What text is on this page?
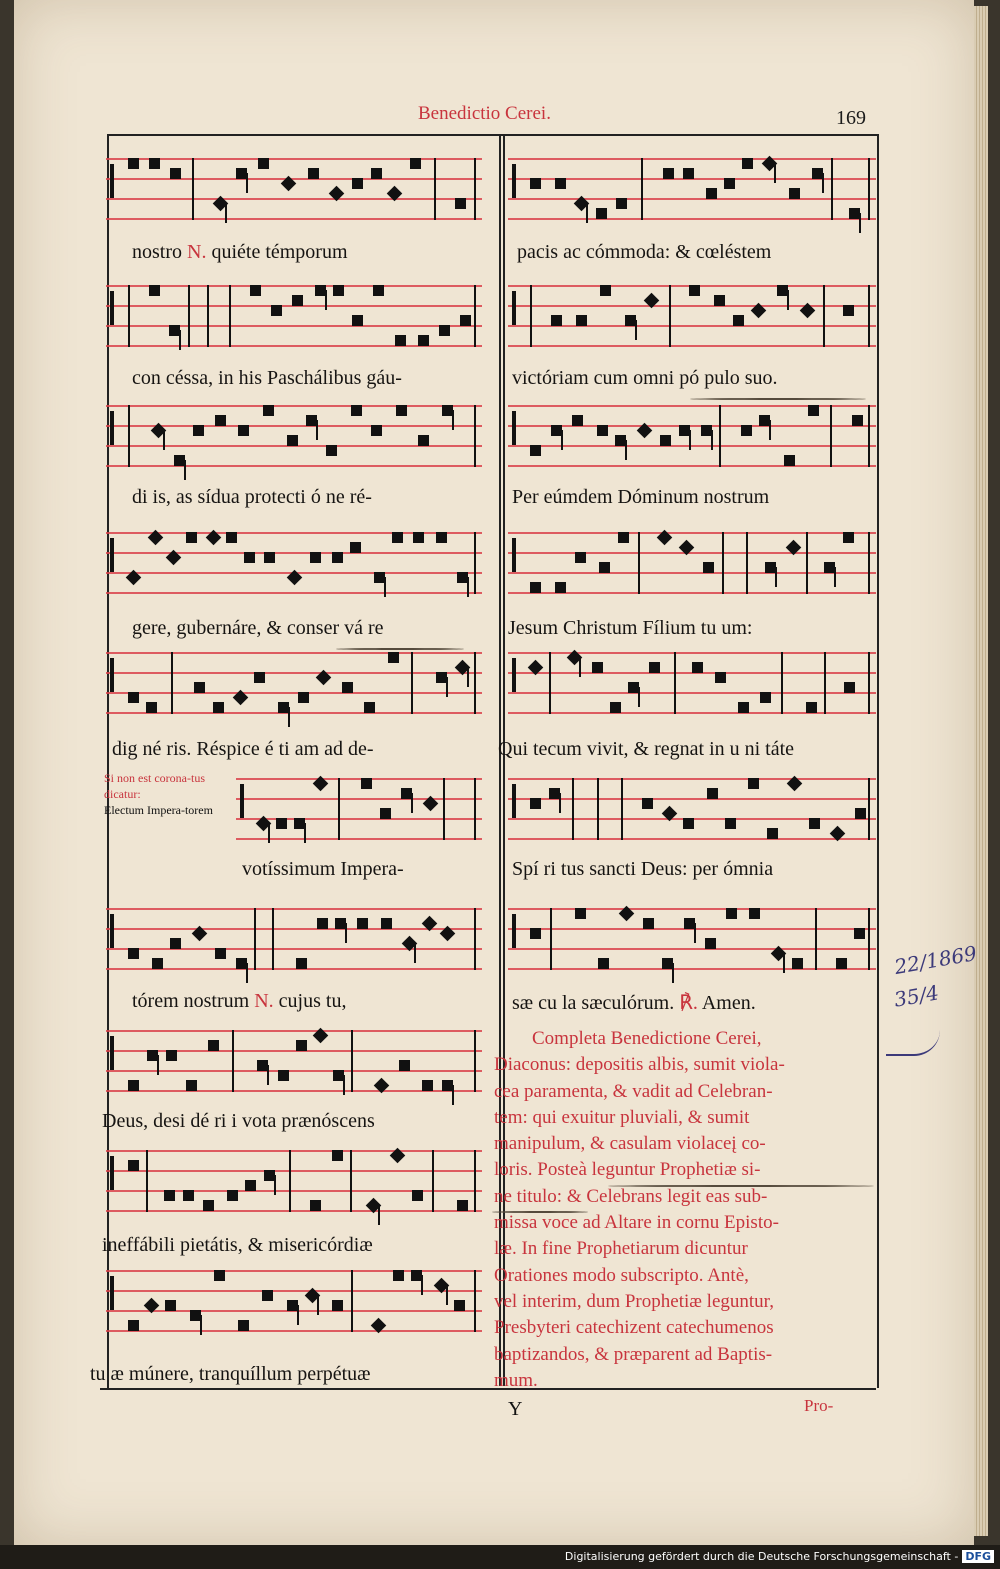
Benedictio Cerei.	169
nostro N. quiéte témporum
con céssa, in his Paschálibus gáu-
di is, as sídua protecti ó ne ré-
gere, gubernáre, & conser vá re
dig né ris. Réspice é ti am ad de-
votíssimum Impera-
tórem nostrum N. cujus tu,
Deus, desi dé ri i vota prænóscens
ineffábili pietátis, & misericórdiæ
tu æ múnere, tranquíllum perpétuæ
Si non est corona-tus dicatur:
Electum Impera-torem
pacis ac cómmoda: & cœléstem
victóriam cum omni pó pulo suo.
Per eúmdem Dóminum nostrum
Jesum Christum Fílium tu um:
Qui tecum vivit, & regnat in u ni táte
Spí ri tus sancti Deus: per ómnia
sæ cu la sæculórum. ℟. Amen.
Completa Benedictione Cerei,
Diaconus: depositis albis, sumit viola-
cea paramenta, & vadit ad Celebran-
tem: qui exuitur pluviali, & sumit
manipulum, & casulam violaceį co-
loris. Posteà leguntur Prophetiæ si-
ne titulo: & Celebrans legit eas sub-
missa voce ad Altare in cornu Episto-
læ. In fine Prophetiarum dicuntur
Orationes modo subscripto. Antè,
vel interim, dum Prophetiæ leguntur,
Presbyteri catechizent catechumenos
baptizandos, & præparent ad Baptis-
mum.
Y	Pro-
22/1869
35/4
Digitalisierung gefördert durch die Deutsche Forschungsgemeinschaft - DFG
